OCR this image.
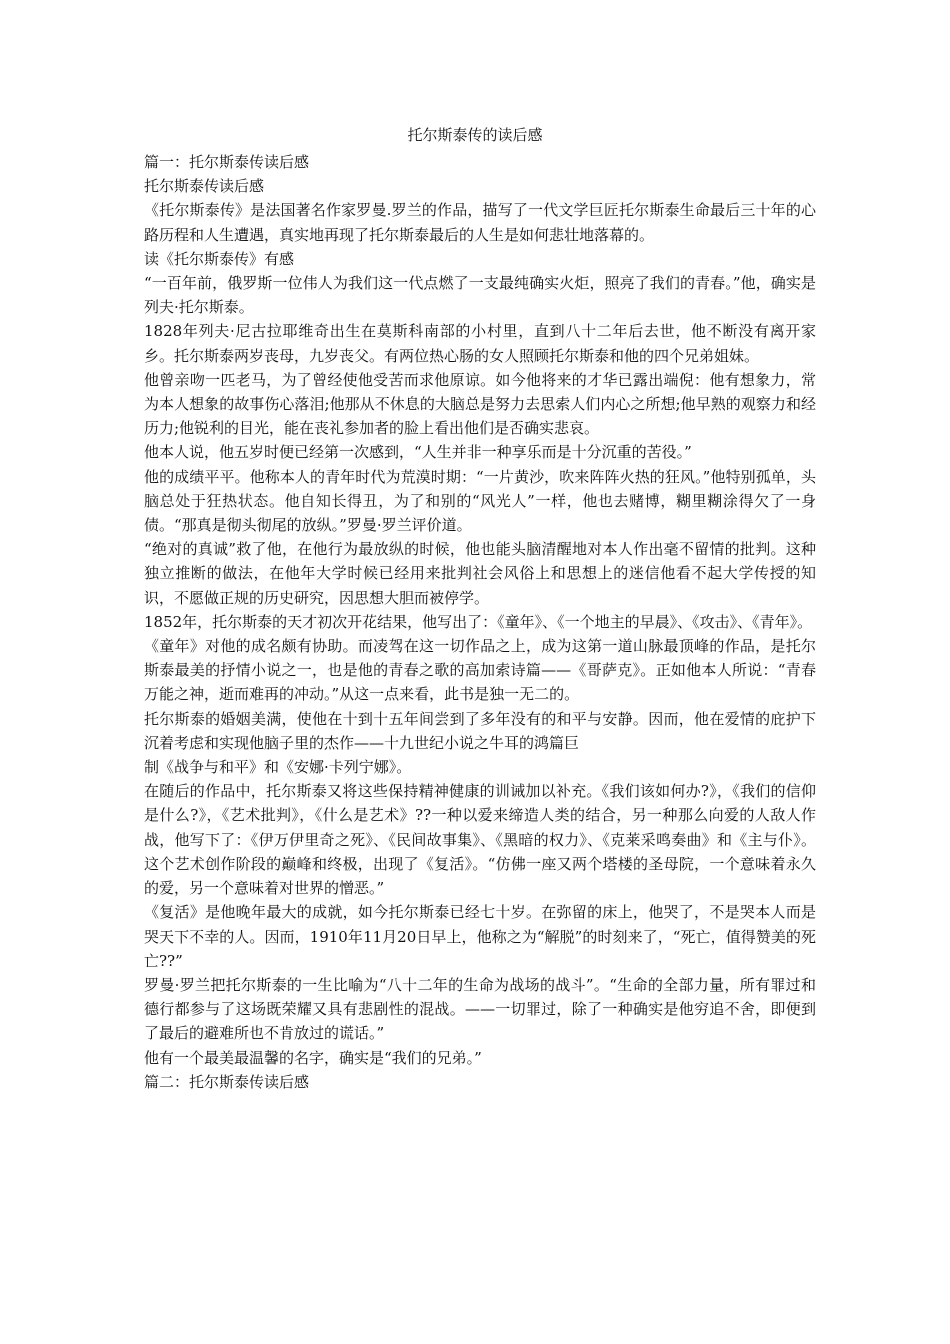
托尔斯泰传的读后感

篇一：托尔斯泰传读后感

托尔斯泰传读后感

《托尔斯泰传》是法国著名作家罗曼.罗兰的作品，描写了一代文学巨匠托尔斯泰生命最后三十年的心路历程和人生遭遇，真实地再现了托尔斯泰最后的人生是如何悲壮地落幕的。

读《托尔斯泰传》有感

“一百年前，俄罗斯一位伟人为我们这一代点燃了一支最纯确实火炬，照亮了我们的青春。”他，确实是列夫·托尔斯泰。

1828年列夫·尼古拉耶维奇出生在莫斯科南部的小村里，直到八十二年后去世，他不断没有离开家乡。托尔斯泰两岁丧母，九岁丧父。有两位热心肠的女人照顾托尔斯泰和他的四个兄弟姐妹。

他曾亲吻一匹老马，为了曾经使他受苦而求他原谅。如今他将来的才华已露出端倪：他有想象力，常为本人想象的故事伤心落泪;他那从不休息的大脑总是努力去思索人们内心之所想;他早熟的观察力和经历力;他锐利的目光，能在丧礼参加者的脸上看出他们是否确实悲哀。

他本人说，他五岁时便已经第一次感到，“人生并非一种享乐而是十分沉重的苦役。”

他的成绩平平。他称本人的青年时代为荒漠时期：“一片黄沙，吹来阵阵火热的狂风。”他特别孤单，头脑总处于狂热状态。他自知长得丑，为了和别的“风光人”一样，他也去赌博，糊里糊涂得欠了一身债。“那真是彻头彻尾的放纵。”罗曼·罗兰评价道。

“绝对的真诚”救了他，在他行为最放纵的时候，他也能头脑清醒地对本人作出毫不留情的批判。这种独立推断的做法，在他年大学时候已经用来批判社会风俗上和思想上的迷信他看不起大学传授的知识，不愿做正规的历史研究，因思想大胆而被停学。

1852年，托尔斯泰的天才初次开花结果，他写出了：《童年》、《一个地主的早晨》、《攻击》、《青年》。

《童年》对他的成名颇有协助。而凌驾在这一切作品之上，成为这第一道山脉最顶峰的作品，是托尔斯泰最美的抒情小说之一，也是他的青春之歌的高加索诗篇——《哥萨克》。正如他本人所说：“青春万能之神，逝而难再的冲动。”从这一点来看，此书是独一无二的。

托尔斯泰的婚姻美满，使他在十到十五年间尝到了多年没有的和平与安静。因而，他在爱情的庇护下沉着考虑和实现他脑子里的杰作——十九世纪小说之牛耳的鸿篇巨

制《战争与和平》和《安娜·卡列宁娜》。

在随后的作品中，托尔斯泰又将这些保持精神健康的训诫加以补充。《我们该如何办?》，《我们的信仰是什么?》，《艺术批判》，《什么是艺术》??一种以爱来缔造人类的结合，另一种那么向爱的人敌人作战，他写下了：《伊万伊里奇之死》、《民间故事集》、《黑暗的权力》、《克莱采鸣奏曲》和《主与仆》。这个艺术创作阶段的巅峰和终极，出现了《复活》。“仿佛一座又两个塔楼的圣母院，一个意味着永久的爱，另一个意味着对世界的憎恶。”

《复活》是他晚年最大的成就，如今托尔斯泰已经七十岁。在弥留的床上，他哭了，不是哭本人而是哭天下不幸的人。因而，1910年11月20日早上，他称之为“解脱”的时刻来了，“死亡，值得赞美的死亡??”

罗曼·罗兰把托尔斯泰的一生比喻为“八十二年的生命为战场的战斗”。“生命的全部力量，所有罪过和德行都参与了这场既荣耀又具有悲剧性的混战。——一切罪过，除了一种确实是他穷追不舍，即便到了最后的避难所也不肯放过的谎话。”

他有一个最美最温馨的名字，确实是“我们的兄弟。”

篇二：托尔斯泰传读后感
